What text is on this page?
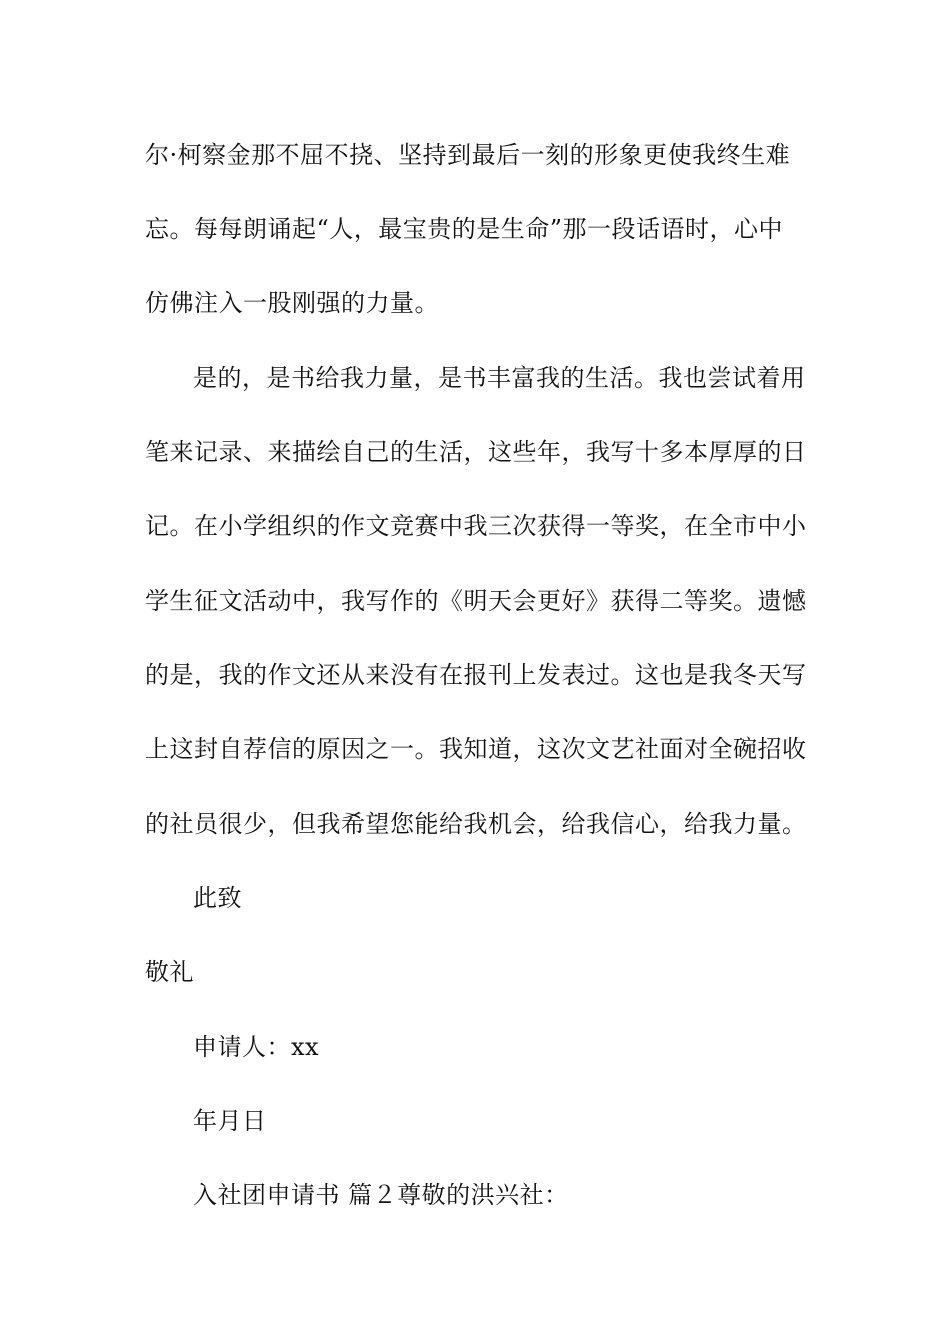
尔·柯察金那不屈不挠、坚持到最后一刻的形象更使我终生难
忘。每每朗诵起“人，最宝贵的是生命”那一段话语时，心中
仿佛注入一股刚强的力量。
是的，是书给我力量，是书丰富我的生活。我也尝试着用
笔来记录、来描绘自己的生活，这些年，我写十多本厚厚的日
记。在小学组织的作文竞赛中我三次获得一等奖，在全市中小
学生征文活动中，我写作的《明天会更好》获得二等奖。遗憾
的是，我的作文还从来没有在报刊上发表过。这也是我冬天写
上这封自荐信的原因之一。我知道，这次文艺社面对全碗招收
的社员很少，但我希望您能给我机会，给我信心，给我力量。
此致
敬礼
申请人：xx
年月日
入社团申请书 篇２尊敬的洪兴社：
